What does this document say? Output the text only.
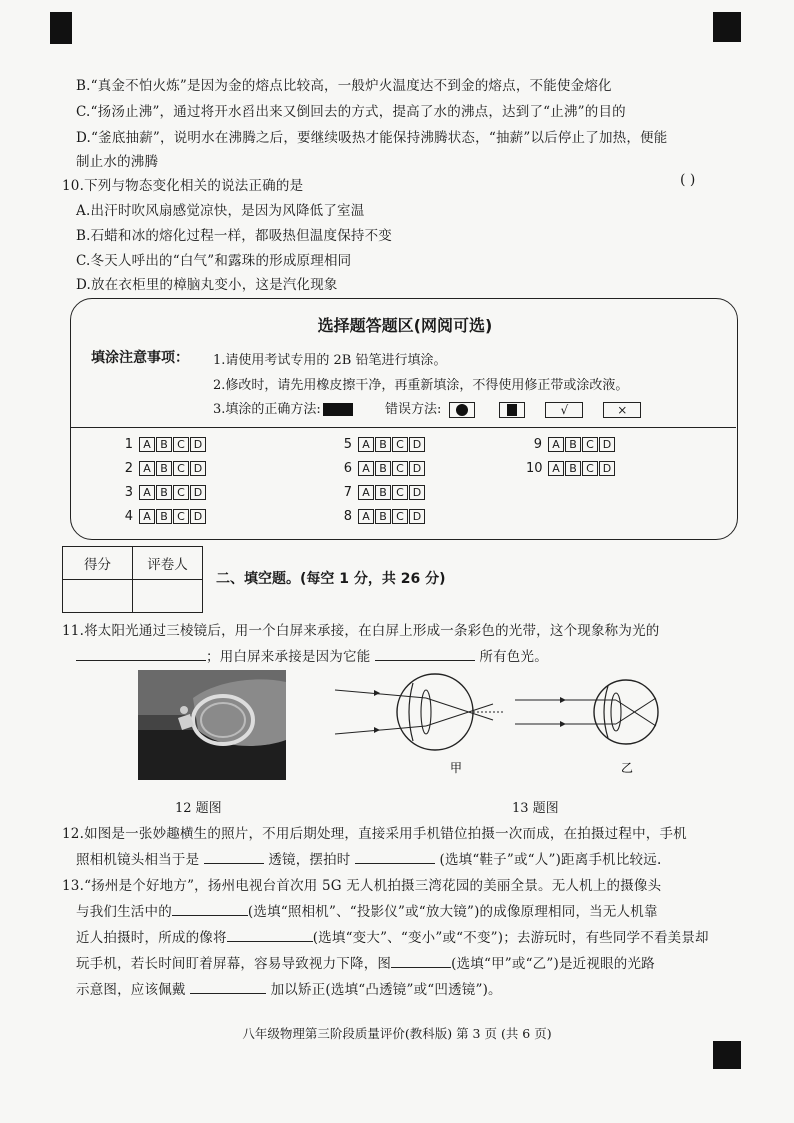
B.“真金不怕火炼”是因为金的熔点比较高，一般炉火温度达不到金的熔点，不能使金熔化
C.“扬汤止沸”，通过将开水舀出来又倒回去的方式，提高了水的沸点，达到了“止沸”的目的
D.“釜底抽薪”，说明水在沸腾之后，要继续吸热才能保持沸腾状态，“抽薪”以后停止了加热，便能
制止水的沸腾
10.下列与物态变化相关的说法正确的是	( )
A.出汗时吹风扇感觉凉快，是因为风降低了室温
B.石蜡和冰的熔化过程一样，都吸热但温度保持不变
C.冬天人呼出的“白气”和露珠的形成原理相同
D.放在衣柜里的樟脑丸变小，这是汽化现象
选择题答题区(网阅可选)
填涂注意事项： 1.请使用考试专用的 2B 铅笔进行填涂。
2.修改时，请先用橡皮擦干净，再重新填涂，不得使用修正带或涂改液。
3.填涂的正确方法:	错误方法:	√	×
1 A B C D
2 A B C D
3 A B C D
4 A B C D
5 A B C D
6 A B C D
7 A B C D
8 A B C D
9 A B C D
10 A B C D
得分	评卷人

二、填空题。(每空 1 分，共 26 分)
11.将太阳光通过三棱镜后，用一个白屏来承接，在白屏上形成一条彩色的光带，这个现象称为光的
；用白屏来承接是因为它能	所有色光。
甲	乙
12 题图	13 题图
12.如图是一张妙趣横生的照片，不用后期处理，直接采用手机错位拍摄一次而成，在拍摄过程中，手机
照相机镜头相当于是	透镜，摆拍时	(选填“鞋子”或“人”)距离手机比较远.
13.“扬州是个好地方”，扬州电视台首次用 5G 无人机拍摄三湾花园的美丽全景。无人机上的摄像头
与我们生活中的	(选填“照相机”、“投影仪”或“放大镜”)的成像原理相同，当无人机靠
近人拍摄时，所成的像将	(选填“变大”、“变小”或“不变”)；去游玩时，有些同学不看美景却
玩手机，若长时间盯着屏幕，容易导致视力下降，图	(选填“甲”或“乙”)是近视眼的光路
示意图，应该佩戴	加以矫正(选填“凸透镜”或“凹透镜”)。
八年级物理第三阶段质量评价(教科版) 第 3 页 (共 6 页)
